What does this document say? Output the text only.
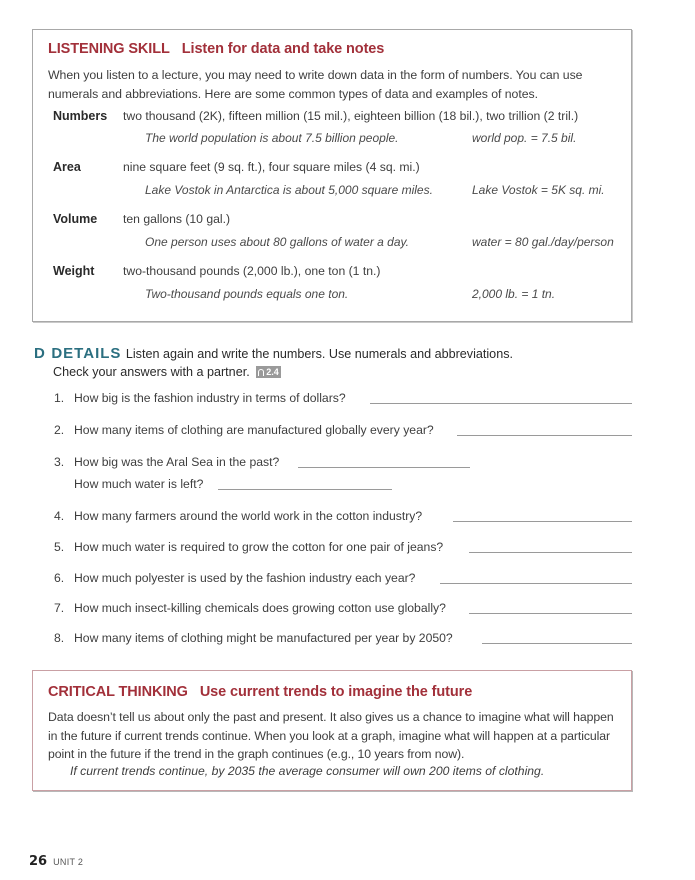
LISTENING SKILL Listen for data and take notes
When you listen to a lecture, you may need to write down data in the form of numbers. You can use numerals and abbreviations. Here are some common types of data and examples of notes.
Numbers two thousand (2K), fifteen million (15 mil.), eighteen billion (18 bil.), two trillion (2 tril.)
The world population is about 7.5 billion people.	world pop. = 7.5 bil.
Area	nine square feet (9 sq. ft.), four square miles (4 sq. mi.)
Lake Vostok in Antarctica is about 5,000 square miles.	Lake Vostok = 5K sq. mi.
Volume ten gallons (10 gal.)
One person uses about 80 gallons of water a day.	water = 80 gal./day/person
Weight two-thousand pounds (2,000 lb.), one ton (1 tn.)
Two-thousand pounds equals one ton.	2,000 lb. = 1 tn.
D DETAILS Listen again and write the numbers. Use numerals and abbreviations.
Check your answers with a partner. 2.4
1. How big is the fashion industry in terms of dollars?
2. How many items of clothing are manufactured globally every year?
3. How big was the Aral Sea in the past?
How much water is left?
4. How many farmers around the world work in the cotton industry?
5. How much water is required to grow the cotton for one pair of jeans?
6. How much polyester is used by the fashion industry each year?
7. How much insect-killing chemicals does growing cotton use globally?
8. How many items of clothing might be manufactured per year by 2050?
CRITICAL THINKING Use current trends to imagine the future
Data doesn’t tell us about only the past and present. It also gives us a chance to imagine what will happen in the future if current trends continue. When you look at a graph, imagine what will happen at a particular point in the future if the trend in the graph continues (e.g., 10 years from now).
If current trends continue, by 2035 the average consumer will own 200 items of clothing.
26 UNIT 2
